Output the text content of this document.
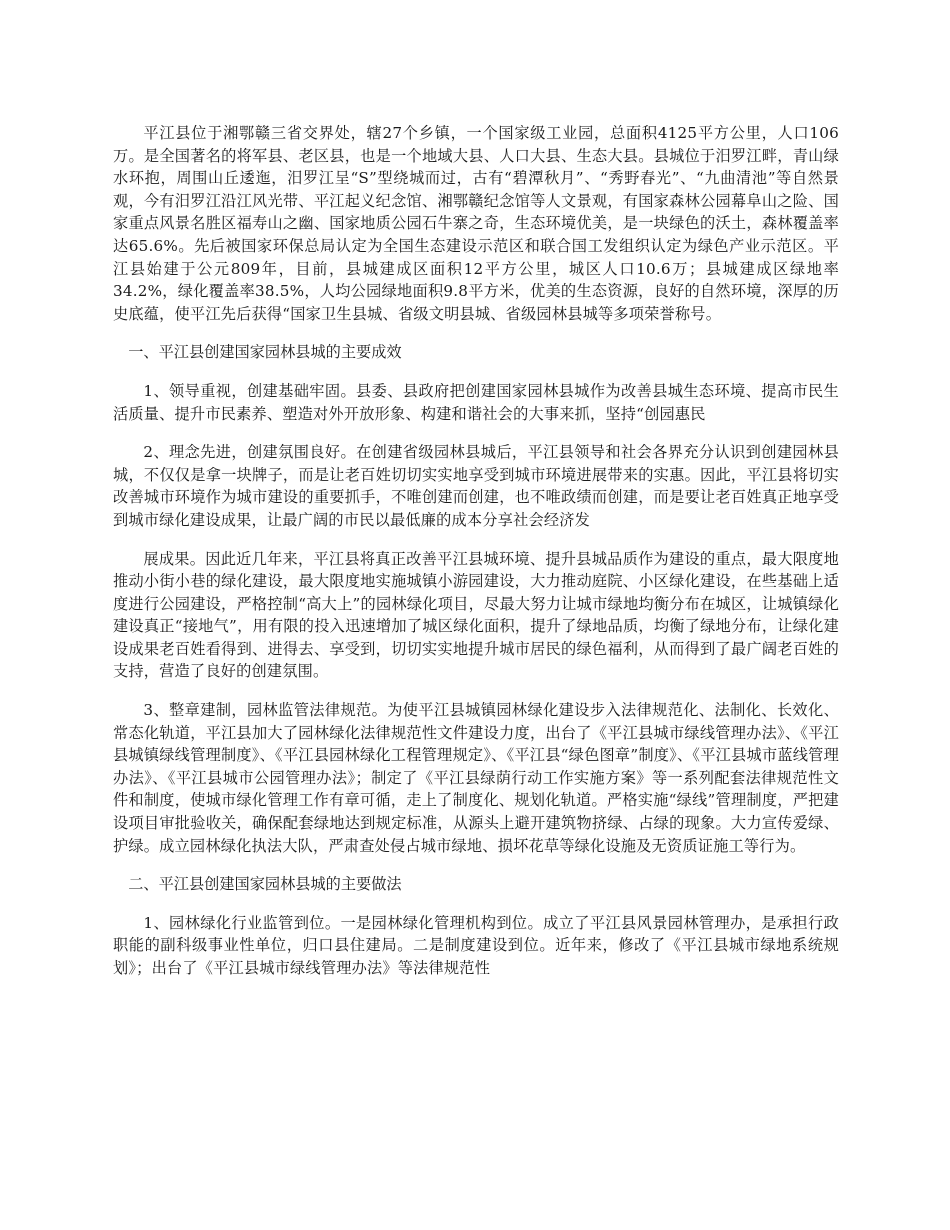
平江县位于湘鄂赣三省交界处，辖27个乡镇，一个国家级工业园，总面积4125平方公里，人口106万。是全国著名的将军县、老区县，也是一个地域大县、人口大县、生态大县。县城位于汨罗江畔，青山绿水环抱，周围山丘逶迤，汨罗江呈“S”型绕城而过，古有“碧潭秋月”、“秀野春光”、“九曲清池”等自然景观，今有汨罗江沿江风光带、平江起义纪念馆、湘鄂赣纪念馆等人文景观，有国家森林公园幕阜山之险、国家重点风景名胜区福寿山之幽、国家地质公园石牛寨之奇，生态环境优美，是一块绿色的沃土，森林覆盖率达65.6%。先后被国家环保总局认定为全国生态建设示范区和联合国工发组织认定为绿色产业示范区。平江县始建于公元809年，目前，县城建成区面积12平方公里，城区人口10.6万；县城建成区绿地率34.2%，绿化覆盖率38.5%，人均公园绿地面积9.8平方米，优美的生态资源，良好的自然环境，深厚的历史底蕴，使平江先后获得“国家卫生县城、省级文明县城、省级园林县城等多项荣誉称号。

一、平江县创建国家园林县城的主要成效

1、领导重视，创建基础牢固。县委、县政府把创建国家园林县城作为改善县城生态环境、提高市民生活质量、提升市民素养、塑造对外开放形象、构建和谐社会的大事来抓，坚持“创园惠民

2、理念先进，创建氛围良好。在创建省级园林县城后，平江县领导和社会各界充分认识到创建园林县城，不仅仅是拿一块牌子，而是让老百姓切切实实地享受到城市环境进展带来的实惠。因此，平江县将切实改善城市环境作为城市建设的重要抓手，不唯创建而创建，也不唯政绩而创建，而是要让老百姓真正地享受到城市绿化建设成果，让最广阔的市民以最低廉的成本分享社会经济发

展成果。因此近几年来，平江县将真正改善平江县城环境、提升县城品质作为建设的重点，最大限度地推动小街小巷的绿化建设，最大限度地实施城镇小游园建设，大力推动庭院、小区绿化建设，在些基础上适度进行公园建设，严格控制“高大上”的园林绿化项目，尽最大努力让城市绿地均衡分布在城区，让城镇绿化建设真正“接地气”，用有限的投入迅速增加了城区绿化面积，提升了绿地品质，均衡了绿地分布，让绿化建设成果老百姓看得到、进得去、享受到，切切实实地提升城市居民的绿色福利，从而得到了最广阔老百姓的支持，营造了良好的创建氛围。

3、整章建制，园林监管法律规范。为使平江县城镇园林绿化建设步入法律规范化、法制化、长效化、常态化轨道，平江县加大了园林绿化法律规范性文件建设力度，出台了《平江县城市绿线管理办法》、《平江县城镇绿线管理制度》、《平江县园林绿化工程管理规定》、《平江县“绿色图章”制度》、《平江县城市蓝线管理办法》、《平江县城市公园管理办法》；制定了《平江县绿荫行动工作实施方案》等一系列配套法律规范性文件和制度，使城市绿化管理工作有章可循，走上了制度化、规划化轨道。严格实施“绿线”管理制度，严把建设项目审批验收关，确保配套绿地达到规定标准，从源头上避开建筑物挤绿、占绿的现象。大力宣传爱绿、护绿。成立园林绿化执法大队，严肃查处侵占城市绿地、损坏花草等绿化设施及无资质证施工等行为。

二、平江县创建国家园林县城的主要做法

1、园林绿化行业监管到位。一是园林绿化管理机构到位。成立了平江县风景园林管理办，是承担行政职能的副科级事业性单位，归口县住建局。二是制度建设到位。近年来，修改了《平江县城市绿地系统规划》；出台了《平江县城市绿线管理办法》等法律规范性
